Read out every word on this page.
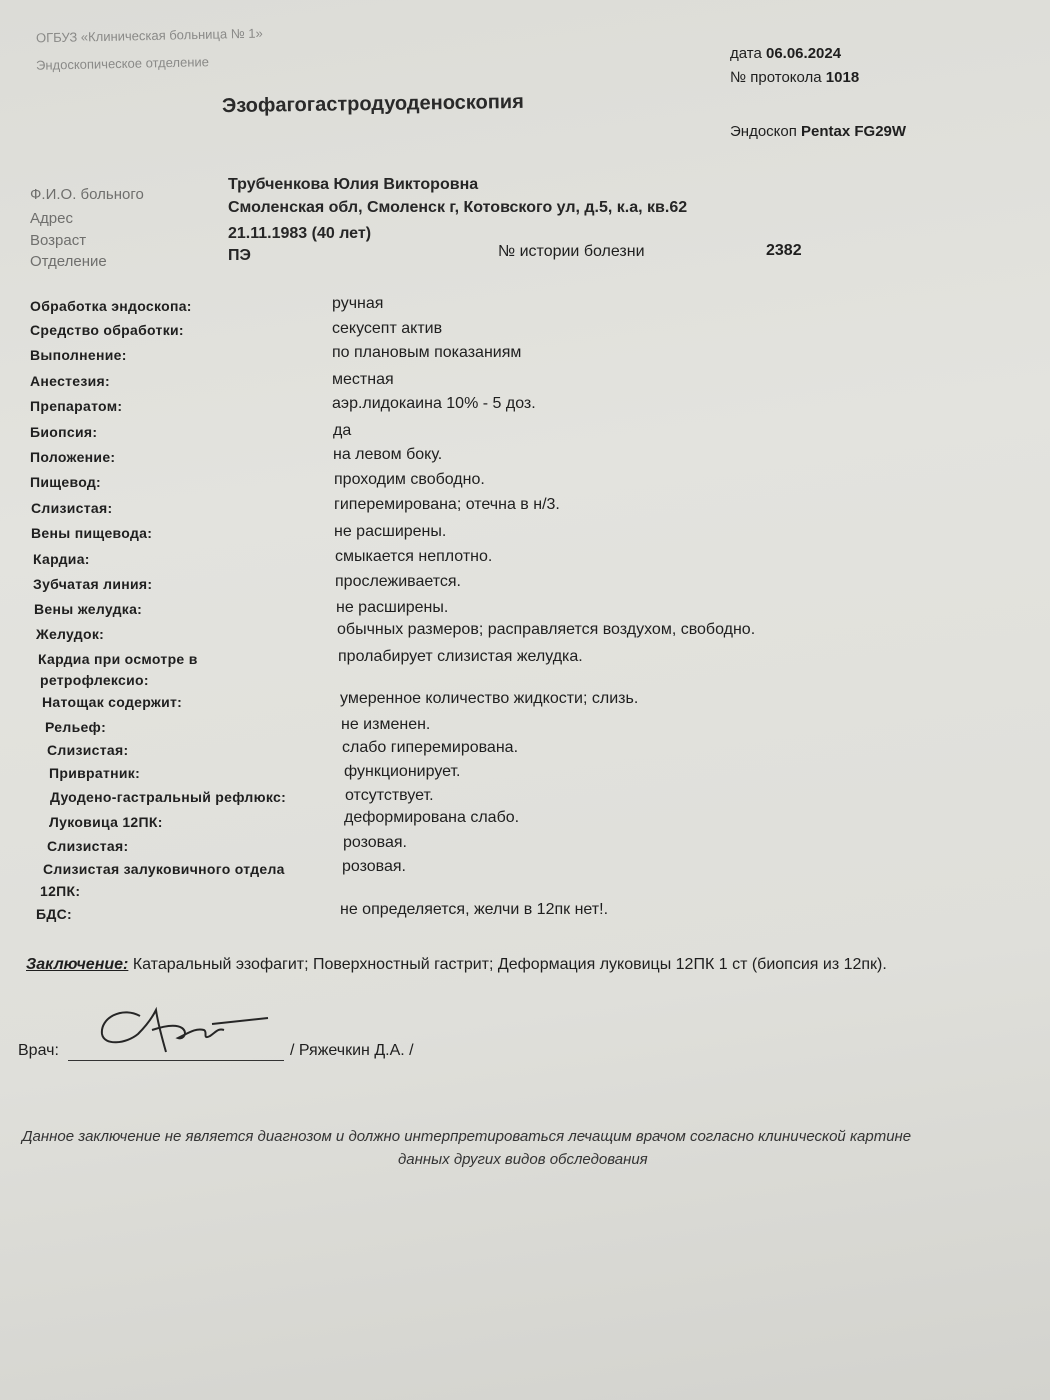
ОГБУЗ «Клиническая больница № 1»
Эндоскопическое отделение
дата 06.06.2024
№ протокола 1018
Эзофагогастродуоденоскопия
Эндоскоп Pentax FG29W
Ф.И.О. больного
Трубченкова Юлия Викторовна
Адрес
Смоленская обл, Смоленск г, Котовского ул, д.5, к.а, кв.62
Возраст	21.11.1983 (40 лет)
Отделение	ПЭ	№ истории болезни	2382
Обработка эндоскопа:	ручная
Средство обработки:	секусепт актив
Выполнение:	по плановым показаниям
Анестезия:	местная
Препаратом:	аэр.лидокаина 10% - 5 доз.
Биопсия:	да
Положение:	на левом боку.
Пищевод:	проходим свободно.
Слизистая:	гиперемирована; отечна в н/3.
Вены пищевода:	не расширены.
Кардиа:	смыкается неплотно.
Зубчатая линия:	прослеживается.
Вены желудка:	не расширены.
Желудок:	обычных размеров; расправляется воздухом, свободно.
Кардиа при осмотре в
ретрофлексио:
пролабирует слизистая желудка.
Натощак содержит:	умеренное количество жидкости; слизь.
Рельеф:	не изменен.
Слизистая:	слабо гиперемирована.
Привратник:	функционирует.
Дуодено-гастральный рефлюкс:	отсутствует.
Луковица 12ПК:	деформирована слабо.
Слизистая:	розовая.
Слизистая залуковичного отдела
12ПК:
розовая.
БДС:	не определяется, желчи в 12пк нет!.
Заключение: Катаральный эзофагит; Поверхностный гастрит; Деформация луковицы 12ПК 1 ст (биопсия из 12пк).
Врач:	/ Ряжечкин Д.А. /
Данное заключение не является диагнозом и должно интерпретироваться лечащим врачом согласно клинической картине
данных других видов обследования
